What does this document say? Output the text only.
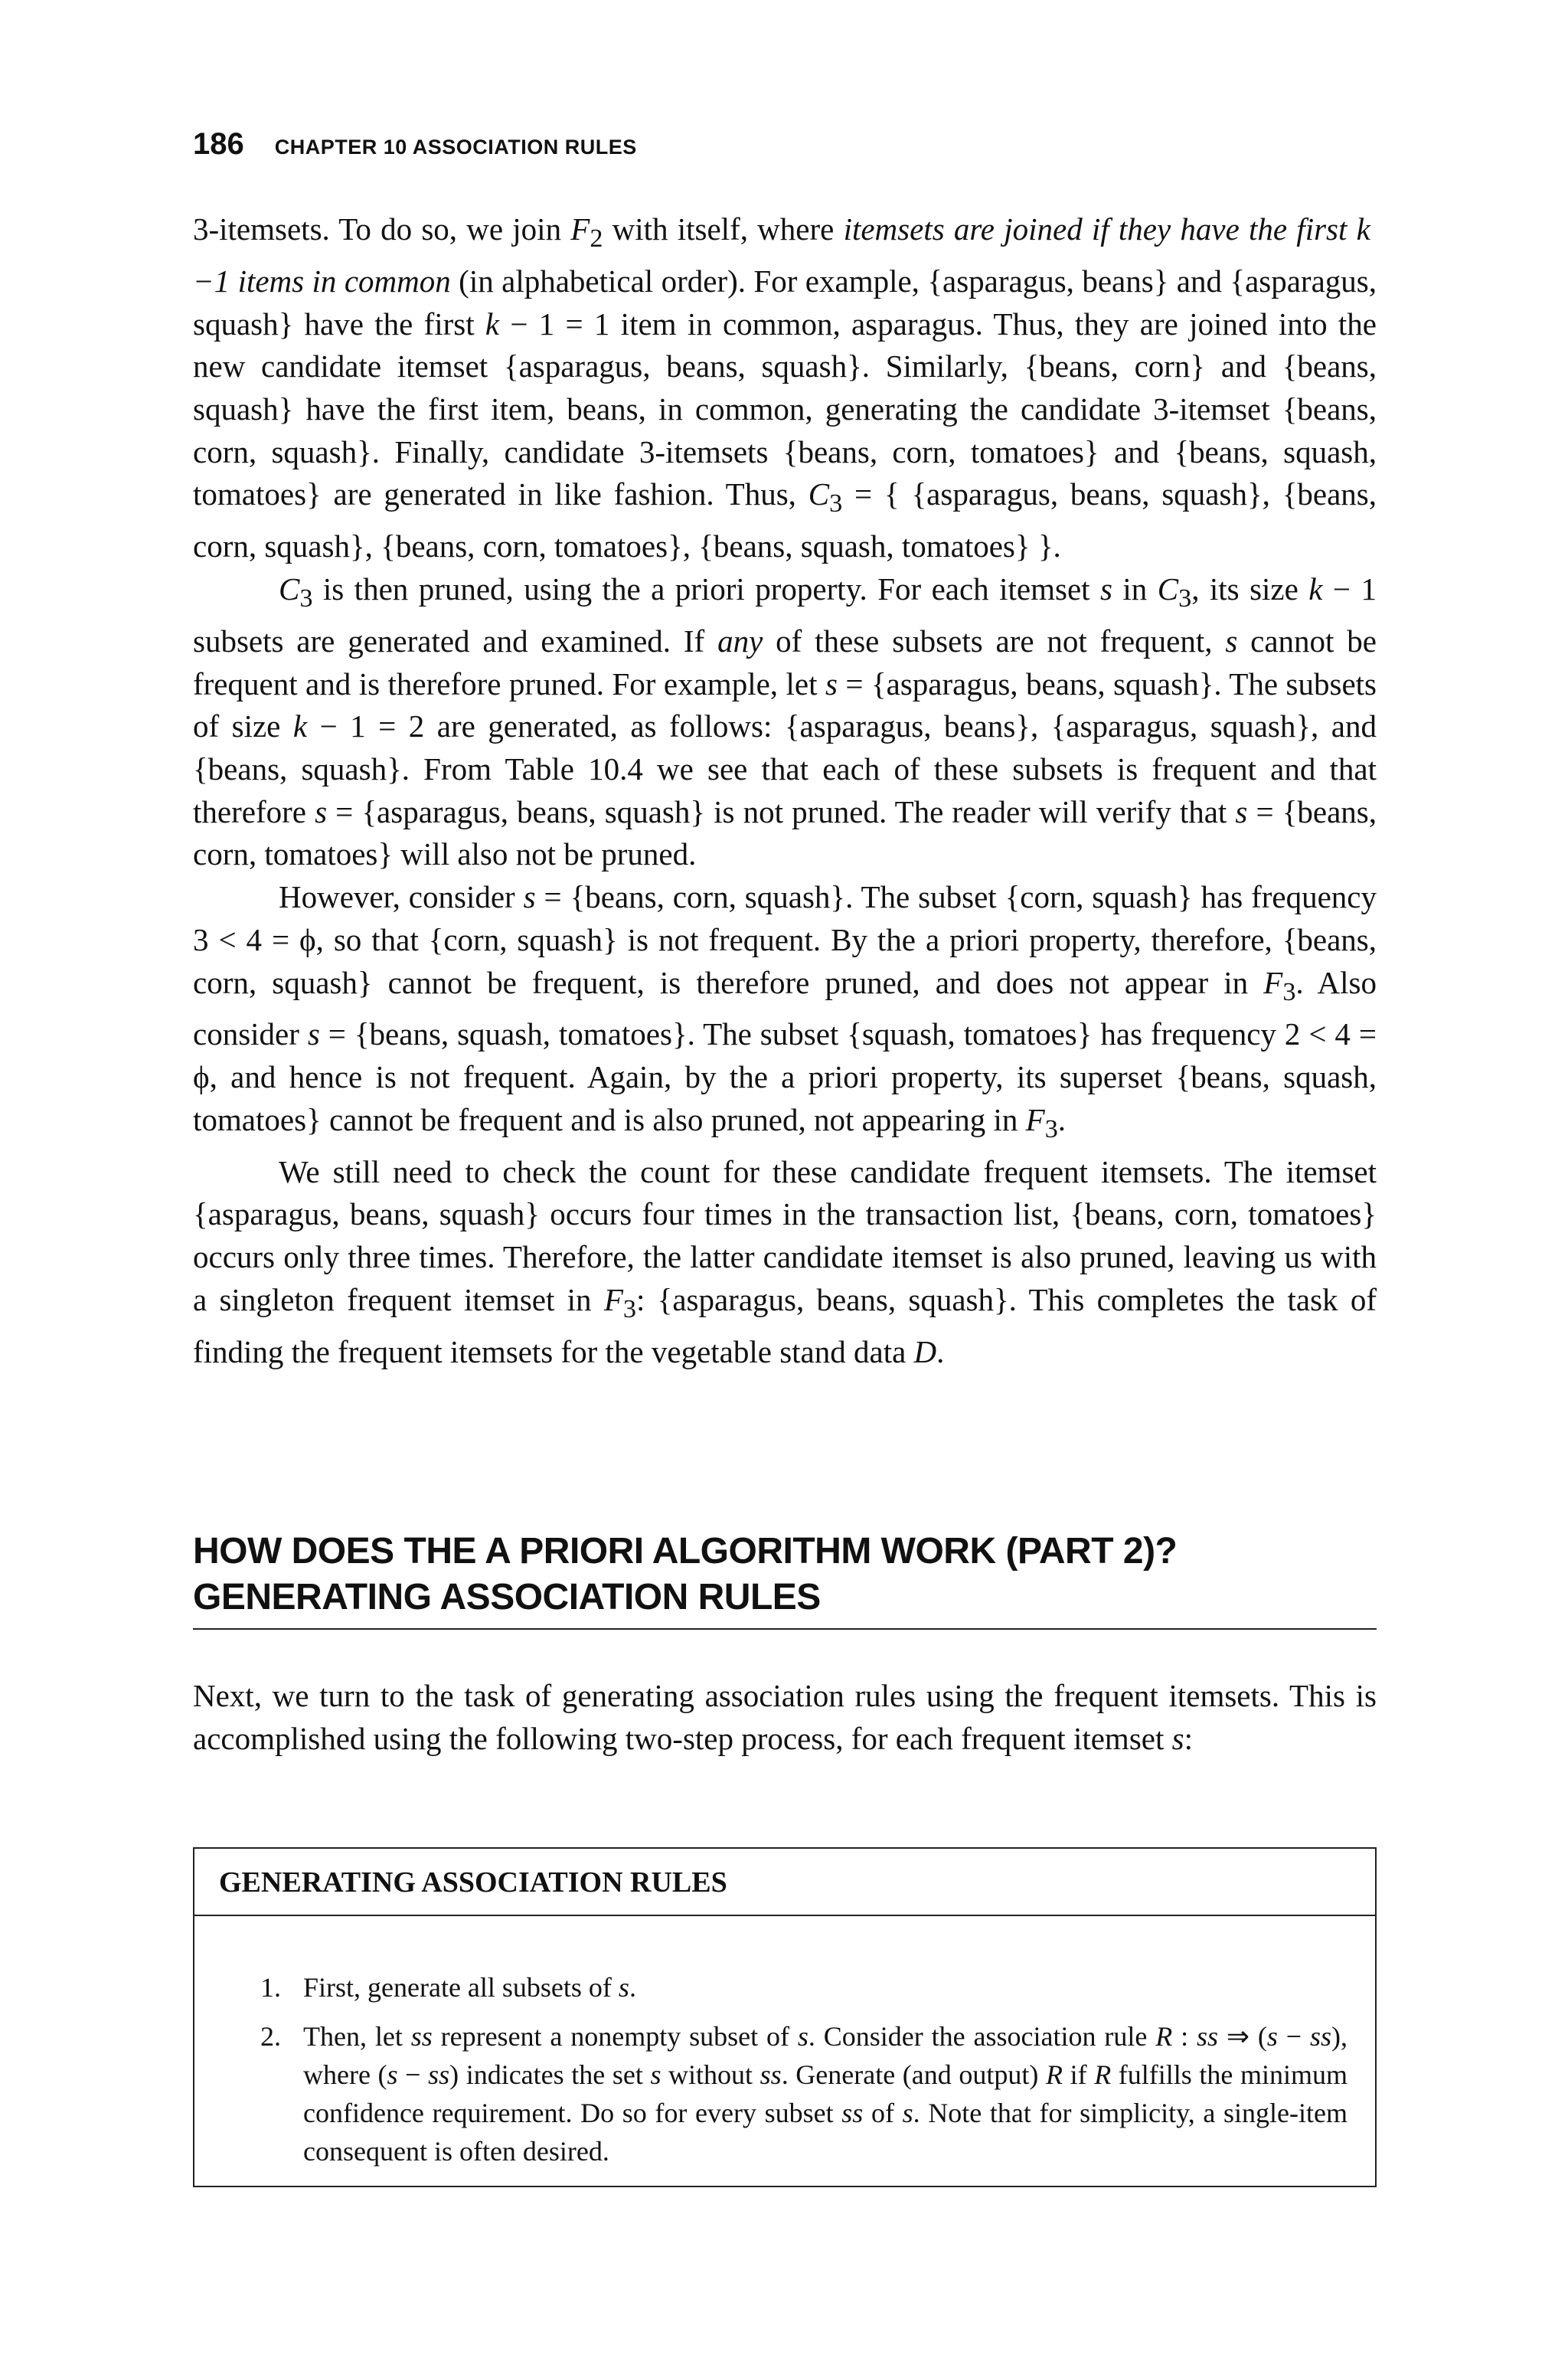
186 CHAPTER 10 ASSOCIATION RULES

3-itemsets. To do so, we join $F_2$ with itself, where itemsets are joined if they have the first k −1 items in common (in alphabetical order). For example, {asparagus, beans} and {asparagus, squash} have the first k − 1 = 1 item in common, asparagus. Thus, they are joined into the new candidate itemset {asparagus, beans, squash}. Similarly, {beans, corn} and {beans, squash} have the first item, beans, in common, generating the candidate 3-itemset {beans, corn, squash}. Finally, candidate 3-itemsets {beans, corn, tomatoes} and {beans, squash, tomatoes} are generated in like fashion. Thus, $C_3$ = { {asparagus, beans, squash}, {beans, corn, squash}, {beans, corn, tomatoes}, {beans, squash, tomatoes} }.

$C_3$ is then pruned, using the a priori property. For each itemset s in $C_3$, its size k − 1 subsets are generated and examined. If any of these subsets are not frequent, s cannot be frequent and is therefore pruned. For example, let s = {asparagus, beans, squash}. The subsets of size k − 1 = 2 are generated, as follows: {asparagus, beans}, {asparagus, squash}, and {beans, squash}. From Table 10.4 we see that each of these subsets is frequent and that therefore s = {asparagus, beans, squash} is not pruned. The reader will verify that s = {beans, corn, tomatoes} will also not be pruned.

However, consider s = {beans, corn, squash}. The subset {corn, squash} has frequency 3 < 4 = ϕ, so that {corn, squash} is not frequent. By the a priori property, therefore, {beans, corn, squash} cannot be frequent, is therefore pruned, and does not appear in $F_3$. Also consider s = {beans, squash, tomatoes}. The subset {squash, tomatoes} has frequency 2 < 4 = ϕ, and hence is not frequent. Again, by the a priori property, its superset {beans, squash, tomatoes} cannot be frequent and is also pruned, not appearing in $F_3$.

We still need to check the count for these candidate frequent itemsets. The itemset {asparagus, beans, squash} occurs four times in the transaction list, {beans, corn, tomatoes} occurs only three times. Therefore, the latter candidate itemset is also pruned, leaving us with a singleton frequent itemset in $F_3$: {asparagus, beans, squash}. This completes the task of finding the frequent itemsets for the vegetable stand data D.

HOW DOES THE A PRIORI ALGORITHM WORK (PART 2)?
GENERATING ASSOCIATION RULES

Next, we turn to the task of generating association rules using the frequent itemsets. This is accomplished using the following two-step process, for each frequent itemset s:

GENERATING ASSOCIATION RULES
1. First, generate all subsets of s.
2. Then, let ss represent a nonempty subset of s. Consider the association rule R : ss ⇒ (s − ss), where (s − ss) indicates the set s without ss. Generate (and output) R if R fulfills the minimum confidence requirement. Do so for every subset ss of s. Note that for simplicity, a single-item consequent is often desired.
